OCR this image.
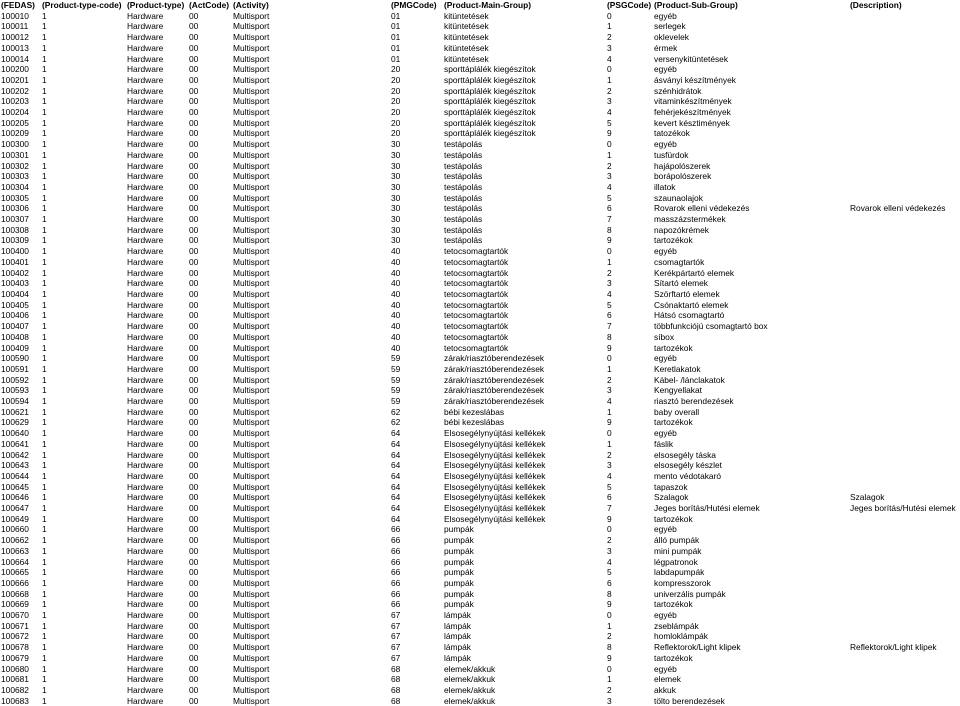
(FEDAS)	(Product-type-code)	(Product-type)	(ActCode)	(Activity)	(PMGCode)	(Product-Main-Group)	(PSGCode)	(Product-Sub-Group)	(Description)
100010	1	Hardware	00	Multisport	01	kitüntetések	0	egyéb	
100011	1	Hardware	00	Multisport	01	kitüntetések	1	serlegek	
100012	1	Hardware	00	Multisport	01	kitüntetések	2	oklevelek	
100013	1	Hardware	00	Multisport	01	kitüntetések	3	érmek	
100014	1	Hardware	00	Multisport	01	kitüntetések	4	versenykitüntetések	
100200	1	Hardware	00	Multisport	20	sporttáplálék kiegészítok	0	egyéb	
100201	1	Hardware	00	Multisport	20	sporttáplálék kiegészítok	1	ásványi készítmények	
100202	1	Hardware	00	Multisport	20	sporttáplálék kiegészítok	2	szénhidrátok	
100203	1	Hardware	00	Multisport	20	sporttáplálék kiegészítok	3	vitaminkészítmények	
100204	1	Hardware	00	Multisport	20	sporttáplálék kiegészítok	4	fehérjekészítmények	
100205	1	Hardware	00	Multisport	20	sporttáplálék kiegészítok	5	kevert késztimények	
100209	1	Hardware	00	Multisport	20	sporttáplálék kiegészítok	9	tatozékok	
100300	1	Hardware	00	Multisport	30	testápolás	0	egyéb	
100301	1	Hardware	00	Multisport	30	testápolás	1	tusfürdok	
100302	1	Hardware	00	Multisport	30	testápolás	2	hajápolószerek	
100303	1	Hardware	00	Multisport	30	testápolás	3	borápolószerek	
100304	1	Hardware	00	Multisport	30	testápolás	4	illatok	
100305	1	Hardware	00	Multisport	30	testápolás	5	szaunaolajok	
100306	1	Hardware	00	Multisport	30	testápolás	6	Rovarok elleni védekezés	Rovarok elleni védekezés
100307	1	Hardware	00	Multisport	30	testápolás	7	masszázstermékek	
100308	1	Hardware	00	Multisport	30	testápolás	8	napozókrémek	
100309	1	Hardware	00	Multisport	30	testápolás	9	tartozékok	
100400	1	Hardware	00	Multisport	40	tetocsomagtartók	0	egyéb	
100401	1	Hardware	00	Multisport	40	tetocsomagtartók	1	csomagtartók	
100402	1	Hardware	00	Multisport	40	tetocsomagtartók	2	Kerékpártartó elemek	
100403	1	Hardware	00	Multisport	40	tetocsomagtartók	3	Sítartó elemek	
100404	1	Hardware	00	Multisport	40	tetocsomagtartók	4	Szörftartó elemek	
100405	1	Hardware	00	Multisport	40	tetocsomagtartók	5	Csónaktartó elemek	
100406	1	Hardware	00	Multisport	40	tetocsomagtartók	6	Hátsó csomagtartó	
100407	1	Hardware	00	Multisport	40	tetocsomagtartók	7	többfunkciójú csomagtartó box	
100408	1	Hardware	00	Multisport	40	tetocsomagtartók	8	síbox	
100409	1	Hardware	00	Multisport	40	tetocsomagtartók	9	tartozékok	
100590	1	Hardware	00	Multisport	59	zárak/riasztóberendezések	0	egyéb	
100591	1	Hardware	00	Multisport	59	zárak/riasztóberendezések	1	Keretlakatok	
100592	1	Hardware	00	Multisport	59	zárak/riasztóberendezések	2	Kábel- /lánclakatok	
100593	1	Hardware	00	Multisport	59	zárak/riasztóberendezések	3	Kengyellakat	
100594	1	Hardware	00	Multisport	59	zárak/riasztóberendezések	4	riasztó berendezések	
100621	1	Hardware	00	Multisport	62	bébi kezeslábas	1	baby overall	
100629	1	Hardware	00	Multisport	62	bébi kezeslábas	9	tartozékok	
100640	1	Hardware	00	Multisport	64	Elsosegélynyújtási kellékek	0	egyéb	
100641	1	Hardware	00	Multisport	64	Elsosegélynyújtási kellékek	1	fáslik	
100642	1	Hardware	00	Multisport	64	Elsosegélynyújtási kellékek	2	elsosegély táska	
100643	1	Hardware	00	Multisport	64	Elsosegélynyújtási kellékek	3	elsosegély készlet	
100644	1	Hardware	00	Multisport	64	Elsosegélynyújtási kellékek	4	mento védotakaró	
100645	1	Hardware	00	Multisport	64	Elsosegélynyújtási kellékek	5	tapaszok	
100646	1	Hardware	00	Multisport	64	Elsosegélynyújtási kellékek	6	Szalagok	Szalagok
100647	1	Hardware	00	Multisport	64	Elsosegélynyújtási kellékek	7	Jeges borítás/Hutési elemek	Jeges borítás/Hutési elemek
100649	1	Hardware	00	Multisport	64	Elsosegélynyújtási kellékek	9	tartozékok	
100660	1	Hardware	00	Multisport	66	pumpák	0	egyéb	
100662	1	Hardware	00	Multisport	66	pumpák	2	álló pumpák	
100663	1	Hardware	00	Multisport	66	pumpák	3	mini pumpák	
100664	1	Hardware	00	Multisport	66	pumpák	4	légpatronok	
100665	1	Hardware	00	Multisport	66	pumpák	5	labdapumpák	
100666	1	Hardware	00	Multisport	66	pumpák	6	kompresszorok	
100668	1	Hardware	00	Multisport	66	pumpák	8	univerzális pumpák	
100669	1	Hardware	00	Multisport	66	pumpák	9	tartozékok	
100670	1	Hardware	00	Multisport	67	lámpák	0	egyéb	
100671	1	Hardware	00	Multisport	67	lámpák	1	zseblámpák	
100672	1	Hardware	00	Multisport	67	lámpák	2	homloklámpák	
100678	1	Hardware	00	Multisport	67	lámpák	8	Reflektorok/Light klipek	Reflektorok/Light klipek
100679	1	Hardware	00	Multisport	67	lámpák	9	tartozékok	
100680	1	Hardware	00	Multisport	68	elemek/akkuk	0	egyéb	
100681	1	Hardware	00	Multisport	68	elemek/akkuk	1	elemek	
100682	1	Hardware	00	Multisport	68	elemek/akkuk	2	akkuk	
100683	1	Hardware	00	Multisport	68	elemek/akkuk	3	tölto berendezések	
